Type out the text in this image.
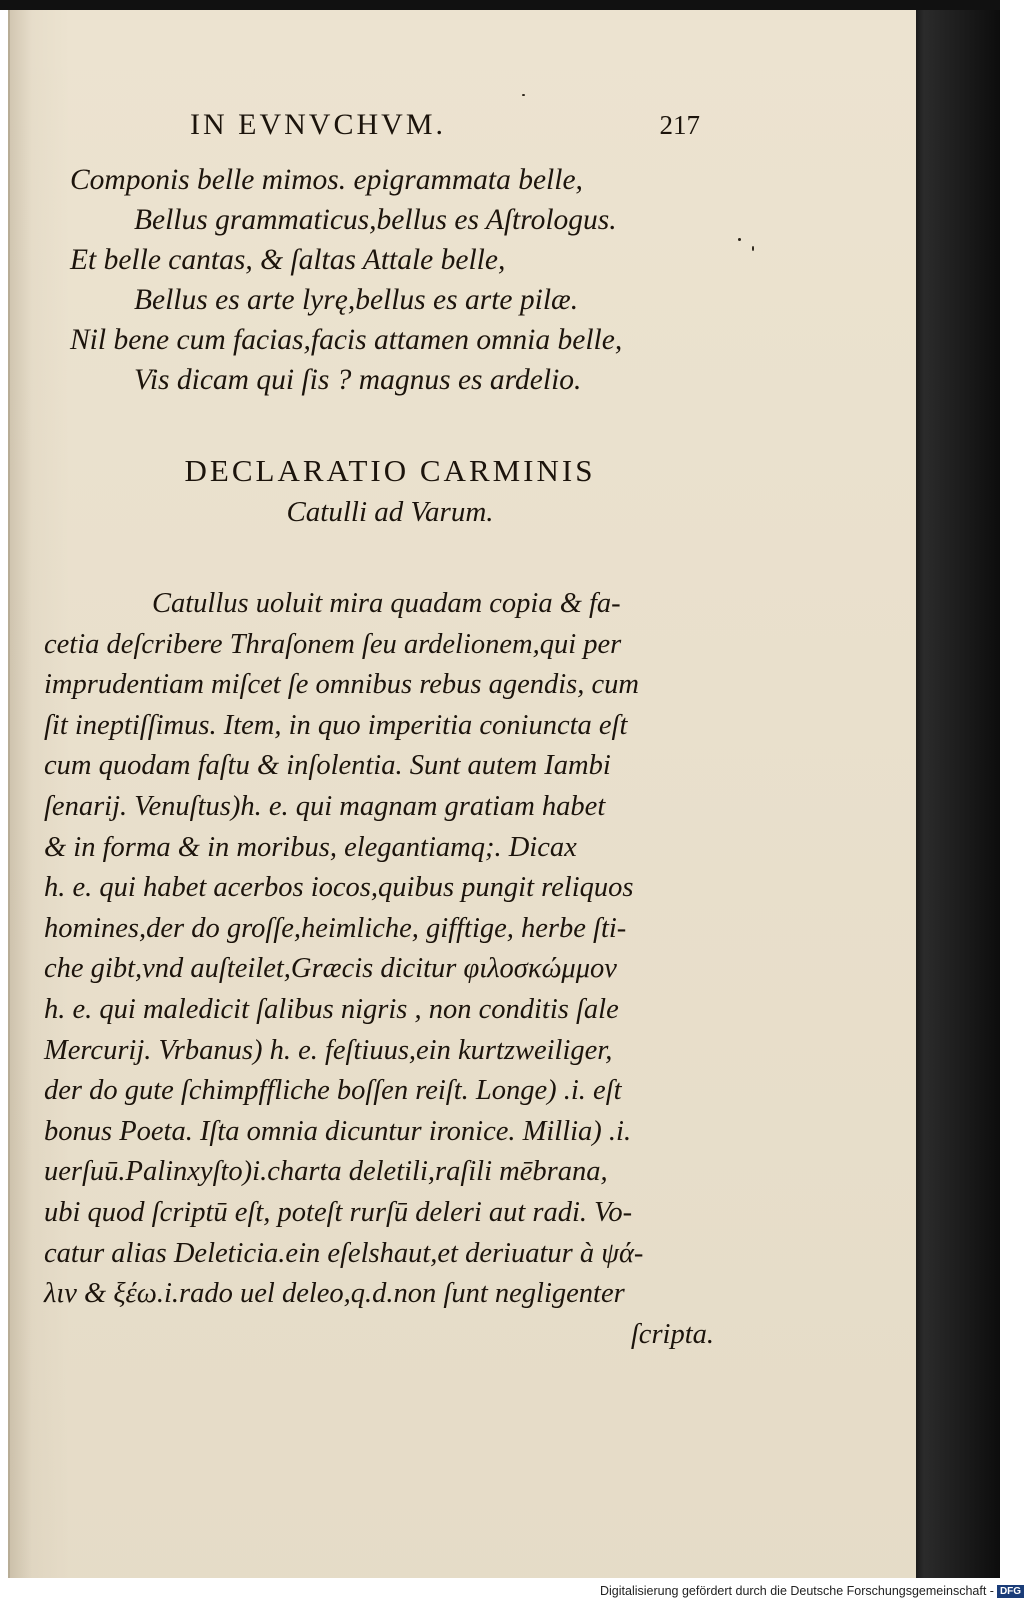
IN EVNVCHVM.	217
Componis belle mimos. epigrammata belle,
Bellus grammaticus,bellus es Aſtrologus.
Et belle cantas, & ſaltas Attale belle,
Bellus es arte lyrę,bellus es arte pilæ.
Nil bene cum facias,facis attamen omnia belle,
Vis dicam qui ſis ? magnus es ardelio.
DECLARATIO CARMINIS
Catulli ad Varum.
Catullus uoluit mira quadam copia & fa-
cetia deſcribere Thraſonem ſeu ardelionem,qui per
imprudentiam miſcet ſe omnibus rebus agendis, cum
ſit ineptiſſimus. Item, in quo imperitia coniuncta eſt
cum quodam faſtu & inſolentia. Sunt autem Iambi
ſenarij. Venuſtus)h. e. qui magnam gratiam habet
& in forma & in moribus, elegantiamq;. Dicax
h. e. qui habet acerbos iocos,quibus pungit reliquos
homines,der do groſſe,heimliche, gifftige, herbe ſti-
che gibt,vnd auſteilet,Græcis dicitur φιλοσκώμμον
h. e. qui maledicit ſalibus nigris , non conditis ſale
Mercurij. Vrbanus) h. e. feſtiuus,ein kurtzweiliger,
der do gute ſchimpffliche boſſen reiſt. Longe) .i. eſt
bonus Poeta. Iſta omnia dicuntur ironice. Millia) .i.
uerſuū.Palinxyſto)i.charta deletili,raſili mēbrana,
ubi quod ſcriptū eſt, poteſt rurſū deleri aut radi. Vo-
catur alias Deleticia.ein eſelshaut,et deriuatur à ψά-
λιν & ξέω.i.rado uel deleo,q.d.non ſunt negligenter
ſcripta.
Digitalisierung gefördert durch die Deutsche Forschungsgemeinschaft - DFG
